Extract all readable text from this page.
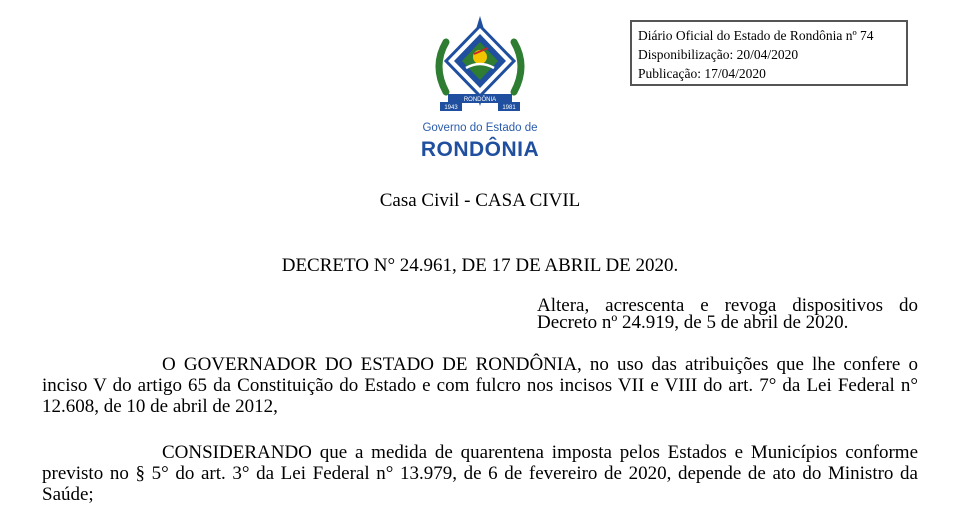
Diário Oficial do Estado de Rondônia nº 74
Disponibilização: 20/04/2020
Publicação: 17/04/2020
RONDÔNIA
1943	1981
Governo do Estado de
RONDÔNIA
Casa Civil - CASA CIVIL
DECRETO N° 24.961, DE 17 DE ABRIL DE 2020.
Altera, acrescenta e revoga dispositivos do Decreto nº 24.919, de 5 de abril de 2020.
O GOVERNADOR DO ESTADO DE RONDÔNIA, no uso das atribuições que lhe confere o inciso V do artigo 65 da Constituição do Estado e com fulcro nos incisos VII e VIII do art. 7° da Lei Federal n° 12.608, de 10 de abril de 2012,
CONSIDERANDO que a medida de quarentena imposta pelos Estados e Municípios conforme previsto no § 5° do art. 3° da Lei Federal n° 13.979, de 6 de fevereiro de 2020, depende de ato do Ministro da Saúde;
